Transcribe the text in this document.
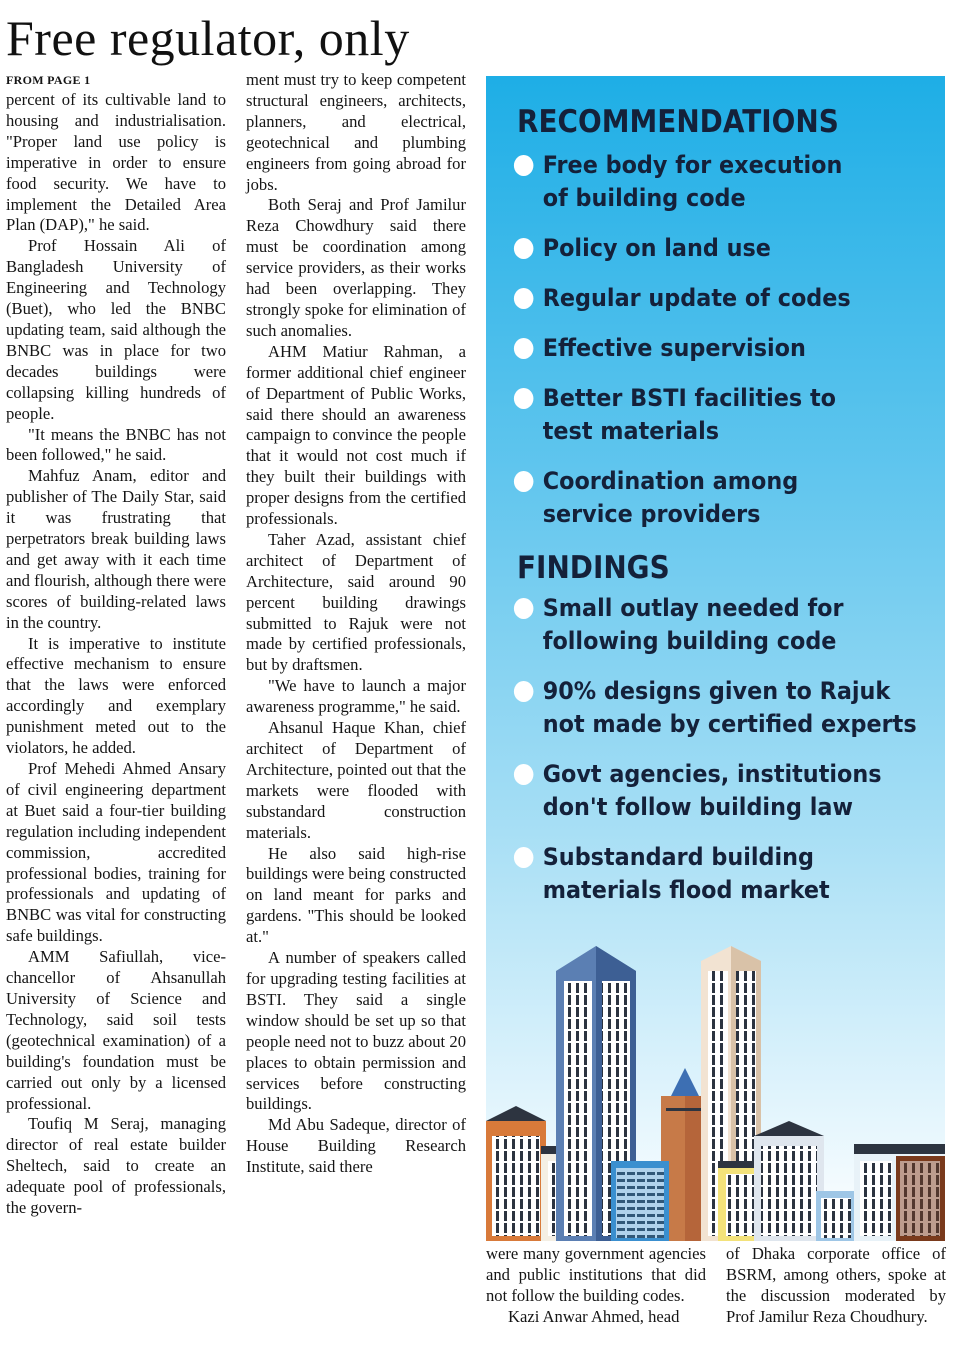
Free regulator, only
FROM PAGE 1

percent of its cultivable land to housing and industrialisation. "Proper land use policy is imperative in order to ensure food security. We have to implement the Detailed Area Plan (DAP)," he said.

Prof Hossain Ali of Bangladesh University of Engineering and Technology (Buet), who led the BNBC updating team, said although the BNBC was in place for two decades buildings were collapsing killing hundreds of people.

"It means the BNBC has not been followed," he said.

Mahfuz Anam, editor and publisher of The Daily Star, said it was frustrating that perpetrators break building laws and get away with it each time and flourish, although there were scores of building-related laws in the country.

It is imperative to institute effective mechanism to ensure that the laws were enforced accordingly and exemplary punishment meted out to the violators, he added.

Prof Mehedi Ahmed Ansary of civil engineering department at Buet said a four-tier building regulation including independent commission, accredited professional bodies, training for professionals and updating of BNBC was vital for constructing safe buildings.

AMM Safiullah, vice-chancellor of Ahsanullah University of Science and Technology, said soil tests (geotechnical examination) of a building's foundation must be carried out only by a licensed professional.

Toufiq M Seraj, managing director of real estate builder Sheltech, said to create an adequate pool of professionals, the govern-

ment must try to keep competent structural engineers, architects, planners, and electrical, geotechnical and plumbing engineers from going abroad for jobs.

Both Seraj and Prof Jamilur Reza Chowdhury said there must be coordination among service providers, as their works had been overlapping. They strongly spoke for elimination of such anomalies.

AHM Matiur Rahman, a former additional chief engineer of Department of Public Works, said there should an awareness campaign to convince the people that it would not cost much if they built their buildings with proper designs from the certified professionals.

Taher Azad, assistant chief architect of Department of Architecture, said around 90 percent building drawings submitted to Rajuk were not made by certified professionals, but by draftsmen.

"We have to launch a major awareness programme," he said.

Ahsanul Haque Khan, chief architect of Department of Architecture, pointed out that the markets were flooded with substandard construction materials.

He also said high-rise buildings were being constructed on land meant for parks and gardens. "This should be looked at."

A number of speakers called for upgrading testing facilities at BSTI. They said a single window should be set up so that people need not to buzz about 20 places to obtain permission and services before constructing buildings.

Md Abu Sadeque, director of House Building Research Institute, said there

RECOMMENDATIONS
Free body for execution
of building code
Policy on land use
Regular update of codes
Effective supervision
Better BSTI facilities to
test materials
Coordination among
service providers
FINDINGS
Small outlay needed for
following building code
90% designs given to Rajuk
not made by certified experts
Govt agencies, institutions
don't follow building law
Substandard building
materials flood market

were many government agencies and public institutions that did not follow the building codes.

Kazi Anwar Ahmed, head

of Dhaka corporate office of BSRM, among others, spoke at the discussion moderated by Prof Jamilur Reza Choudhury.
